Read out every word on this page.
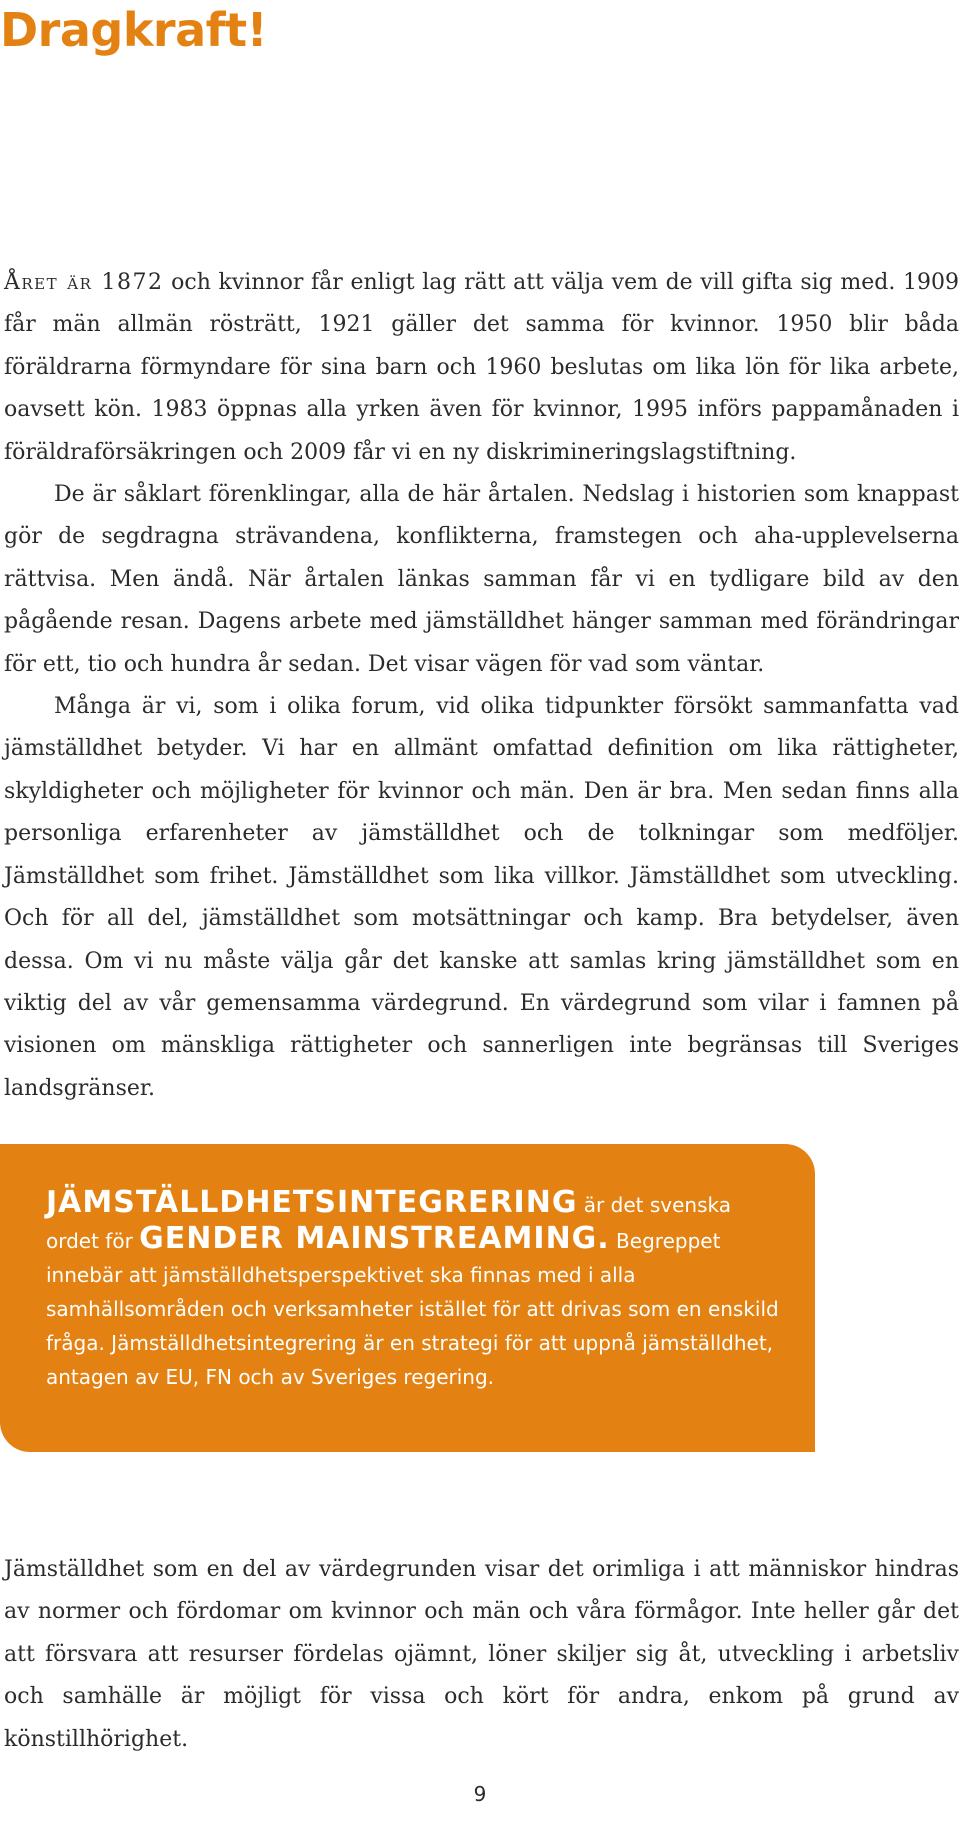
Dragkraft!

Året är 1872 och kvinnor får enligt lag rätt att välja vem de vill gifta sig med. 1909 får män allmän rösträtt, 1921 gäller det samma för kvinnor. 1950 blir båda föräldrarna förmyndare för sina barn och 1960 beslutas om lika lön för lika arbete, oavsett kön. 1983 öppnas alla yrken även för kvinnor, 1995 införs pappamånaden i föräldraförsäkringen och 2009 får vi en ny diskrimineringslagstiftning.

De är såklart förenklingar, alla de här årtalen. Nedslag i historien som knappast gör de segdragna strävandena, konflikterna, framstegen och aha-upplevelserna rättvisa. Men ändå. När årtalen länkas samman får vi en tydligare bild av den pågående resan. Dagens arbete med jämställdhet hänger samman med förändringar för ett, tio och hundra år sedan. Det visar vägen för vad som väntar.

Många är vi, som i olika forum, vid olika tidpunkter försökt sammanfatta vad jämställdhet betyder. Vi har en allmänt omfattad definition om lika rättigheter, skyldigheter och möjligheter för kvinnor och män. Den är bra. Men sedan finns alla personliga erfarenheter av jämställdhet och de tolkningar som medföljer. Jämställdhet som frihet. Jämställdhet som lika villkor. Jämställdhet som utveckling. Och för all del, jämställdhet som motsättningar och kamp. Bra betydelser, även dessa. Om vi nu måste välja går det kanske att samlas kring jämställdhet som en viktig del av vår gemensamma värdegrund. En värdegrund som vilar i famnen på visionen om mänskliga rättigheter och sannerligen inte begränsas till Sveriges landsgränser.

JÄMSTÄLLDHETSINTEGRERING är det svenska ordet för GENDER MAINSTREAMING. Begreppet innebär att jämställdhetsperspektivet ska finnas med i alla samhällsområden och verksamheter istället för att drivas som en enskild fråga. Jämställdhetsintegrering är en strategi för att uppnå jämställdhet, antagen av EU, FN och av Sveriges regering.

Jämställdhet som en del av värdegrunden visar det orimliga i att människor hindras av normer och fördomar om kvinnor och män och våra förmågor. Inte heller går det att försvara att resurser fördelas ojämnt, löner skiljer sig åt, utveckling i arbetsliv och samhälle är möjligt för vissa och kört för andra, enkom på grund av könstillhörighet.

9
